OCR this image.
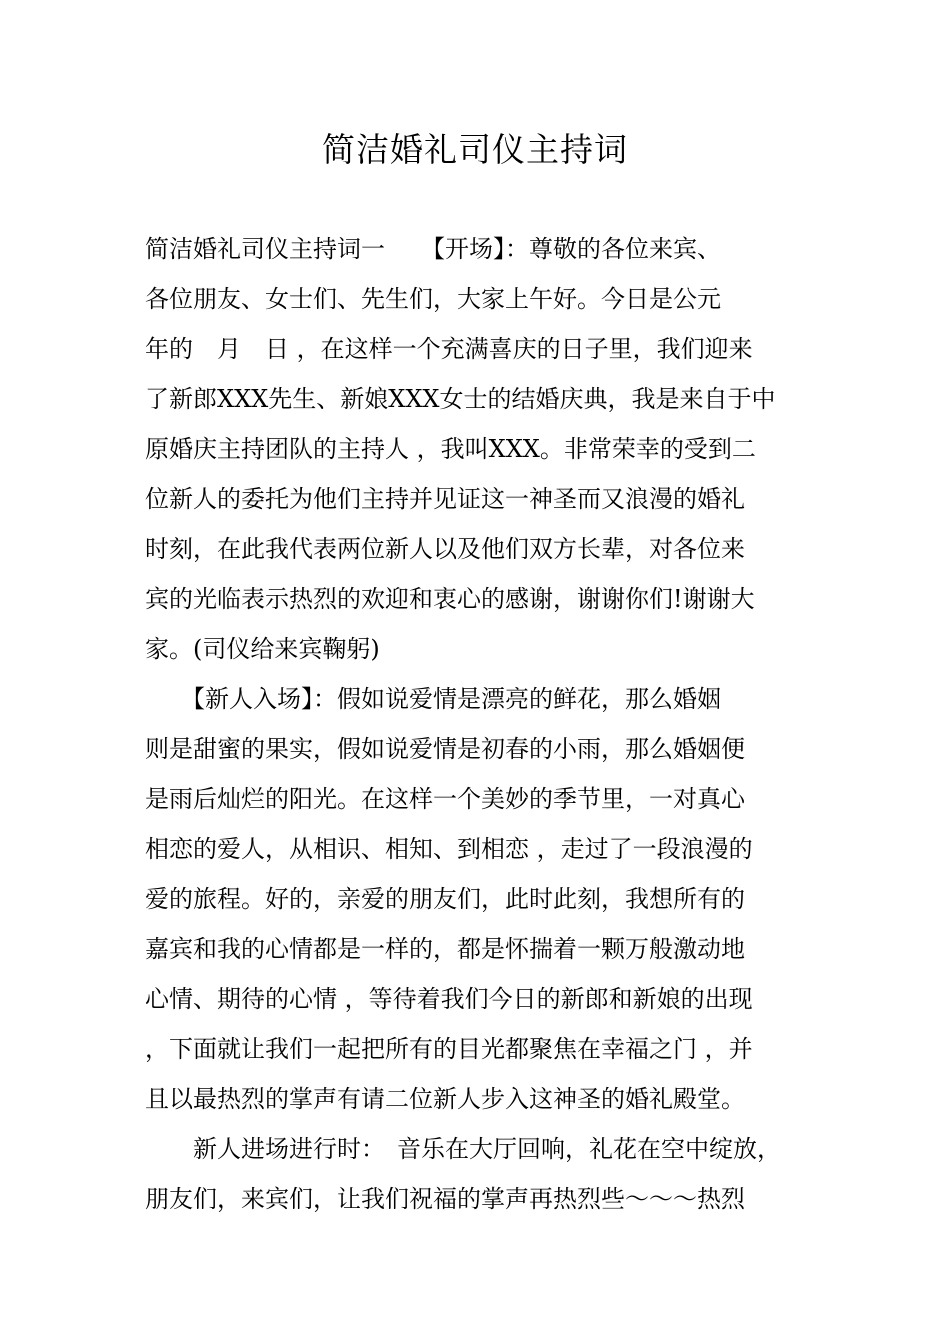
简洁婚礼司仪主持词
简洁婚礼司仪主持词一　　【开场】：尊敬的各位来宾、
各位朋友、女士们、先生们，大家上午好。今日是公元
年的　月　日 ，在这样一个充满喜庆的日子里，我们迎来
了新郎XXX先生、新娘XXX女士的结婚庆典，我是来自于中
原婚庆主持团队的主持人 ，我叫XXX。非常荣幸的受到二
位新人的委托为他们主持并见证这一神圣而又浪漫的婚礼
时刻，在此我代表两位新人以及他们双方长辈，对各位来
宾的光临表示热烈的欢迎和衷心的感谢，谢谢你们!谢谢大
家。(司仪给来宾鞠躬)
　　【新人入场】：假如说爱情是漂亮的鲜花，那么婚姻
则是甜蜜的果实，假如说爱情是初春的小雨，那么婚姻便
是雨后灿烂的阳光。在这样一个美妙的季节里，一对真心
相恋的爱人，从相识、相知、到相恋 ，走过了一段浪漫的
爱的旅程。好的，亲爱的朋友们，此时此刻，我想所有的
嘉宾和我的心情都是一样的，都是怀揣着一颗万般激动地
心情、期待的心情 ，等待着我们今日的新郎和新娘的出现
，下面就让我们一起把所有的目光都聚焦在幸福之门 ，并
且以最热烈的掌声有请二位新人步入这神圣的婚礼殿堂。
　　新人进场进行时：　音乐在大厅回响，礼花在空中绽放，
朋友们，来宾们，让我们祝福的掌声再热烈些～～～热烈
